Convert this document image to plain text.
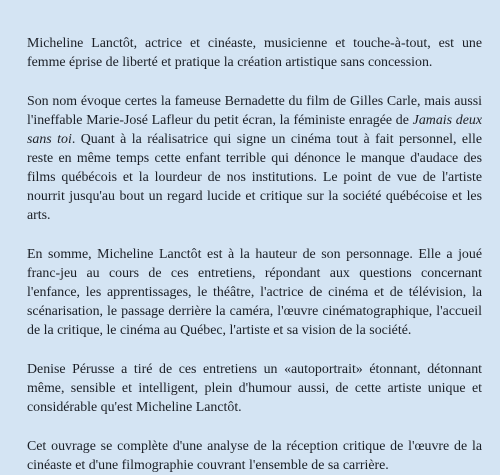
Micheline Lanctôt, actrice et cinéaste, musicienne et touche-à-tout, est une femme éprise de liberté et pratique la création artistique sans concession.

Son nom évoque certes la fameuse Bernadette du film de Gilles Carle, mais aussi l'ineffable Marie-José Lafleur du petit écran, la féministe enragée de Jamais deux sans toi. Quant à la réalisatrice qui signe un cinéma tout à fait personnel, elle reste en même temps cette enfant terrible qui dénonce le manque d'audace des films québécois et la lourdeur de nos institutions. Le point de vue de l'artiste nourrit jusqu'au bout un regard lucide et critique sur la société québécoise et les arts.

En somme, Micheline Lanctôt est à la hauteur de son personnage. Elle a joué franc-jeu au cours de ces entretiens, répondant aux questions concernant l'enfance, les apprentissages, le théâtre, l'actrice de cinéma et de télévision, la scénarisation, le passage derrière la caméra, l'œuvre cinématographique, l'accueil de la critique, le cinéma au Québec, l'artiste et sa vision de la société.

Denise Pérusse a tiré de ces entretiens un «autoportrait» étonnant, détonnant même, sensible et intelligent, plein d'humour aussi, de cette artiste unique et considérable qu'est Micheline Lanctôt.

Cet ouvrage se complète d'une analyse de la réception critique de l'œuvre de la cinéaste et d'une filmographie couvrant l'ensemble de sa carrière.
